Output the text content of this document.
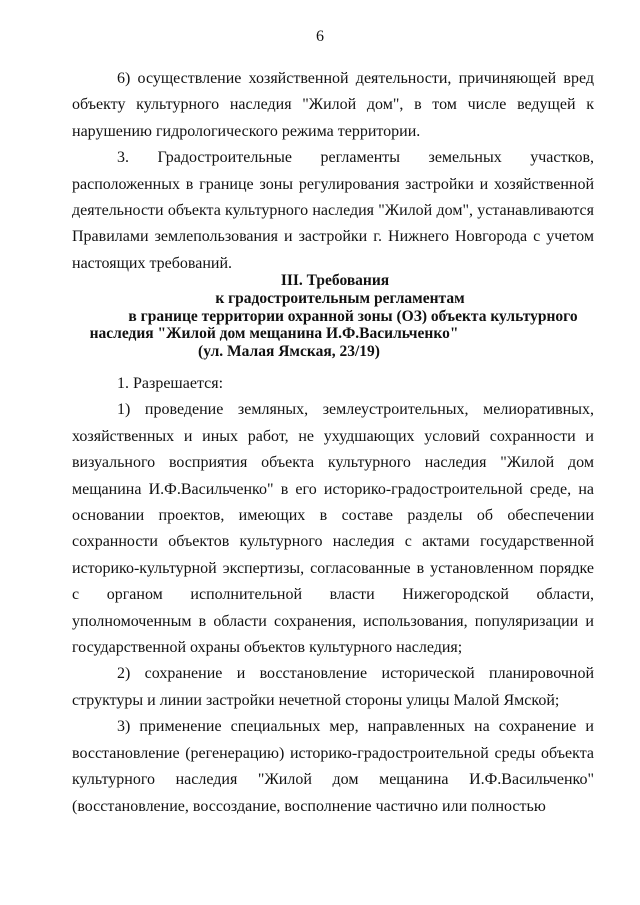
6

6) осуществление хозяйственной деятельности, причиняющей вред объекту культурного наследия "Жилой дом", в том числе ведущей к нарушению гидрологического режима территории.

3. Градостроительные регламенты земельных участков, расположенных в границе зоны регулирования застройки и хозяйственной деятельности объекта культурного наследия "Жилой дом", устанавливаются Правилами землепользования и застройки г. Нижнего Новгорода с учетом настоящих требований.

III. Требования
к градостроительным регламентам
в границе территории охранной зоны (ОЗ) объекта культурного
наследия "Жилой дом мещанина И.Ф.Васильченко"
(ул. Малая Ямская, 23/19)

1. Разрешается:

1) проведение земляных, землеустроительных, мелиоративных, хозяйственных и иных работ, не ухудшающих условий сохранности и визуального восприятия объекта культурного наследия "Жилой дом мещанина И.Ф.Васильченко" в его историко-градостроительной среде, на основании проектов, имеющих в составе разделы об обеспечении сохранности объектов культурного наследия с актами государственной историко-культурной экспертизы, согласованные в установленном порядке с органом исполнительной власти Нижегородской области, уполномоченным в области сохранения, использования, популяризации и государственной охраны объектов культурного наследия;

2) сохранение и восстановление исторической планировочной структуры и линии застройки нечетной стороны улицы Малой Ямской;

3) применение специальных мер, направленных на сохранение и восстановление (регенерацию) историко-градостроительной среды объекта культурного наследия "Жилой дом мещанина И.Ф.Васильченко" (восстановление, воссоздание, восполнение частично или полностью
